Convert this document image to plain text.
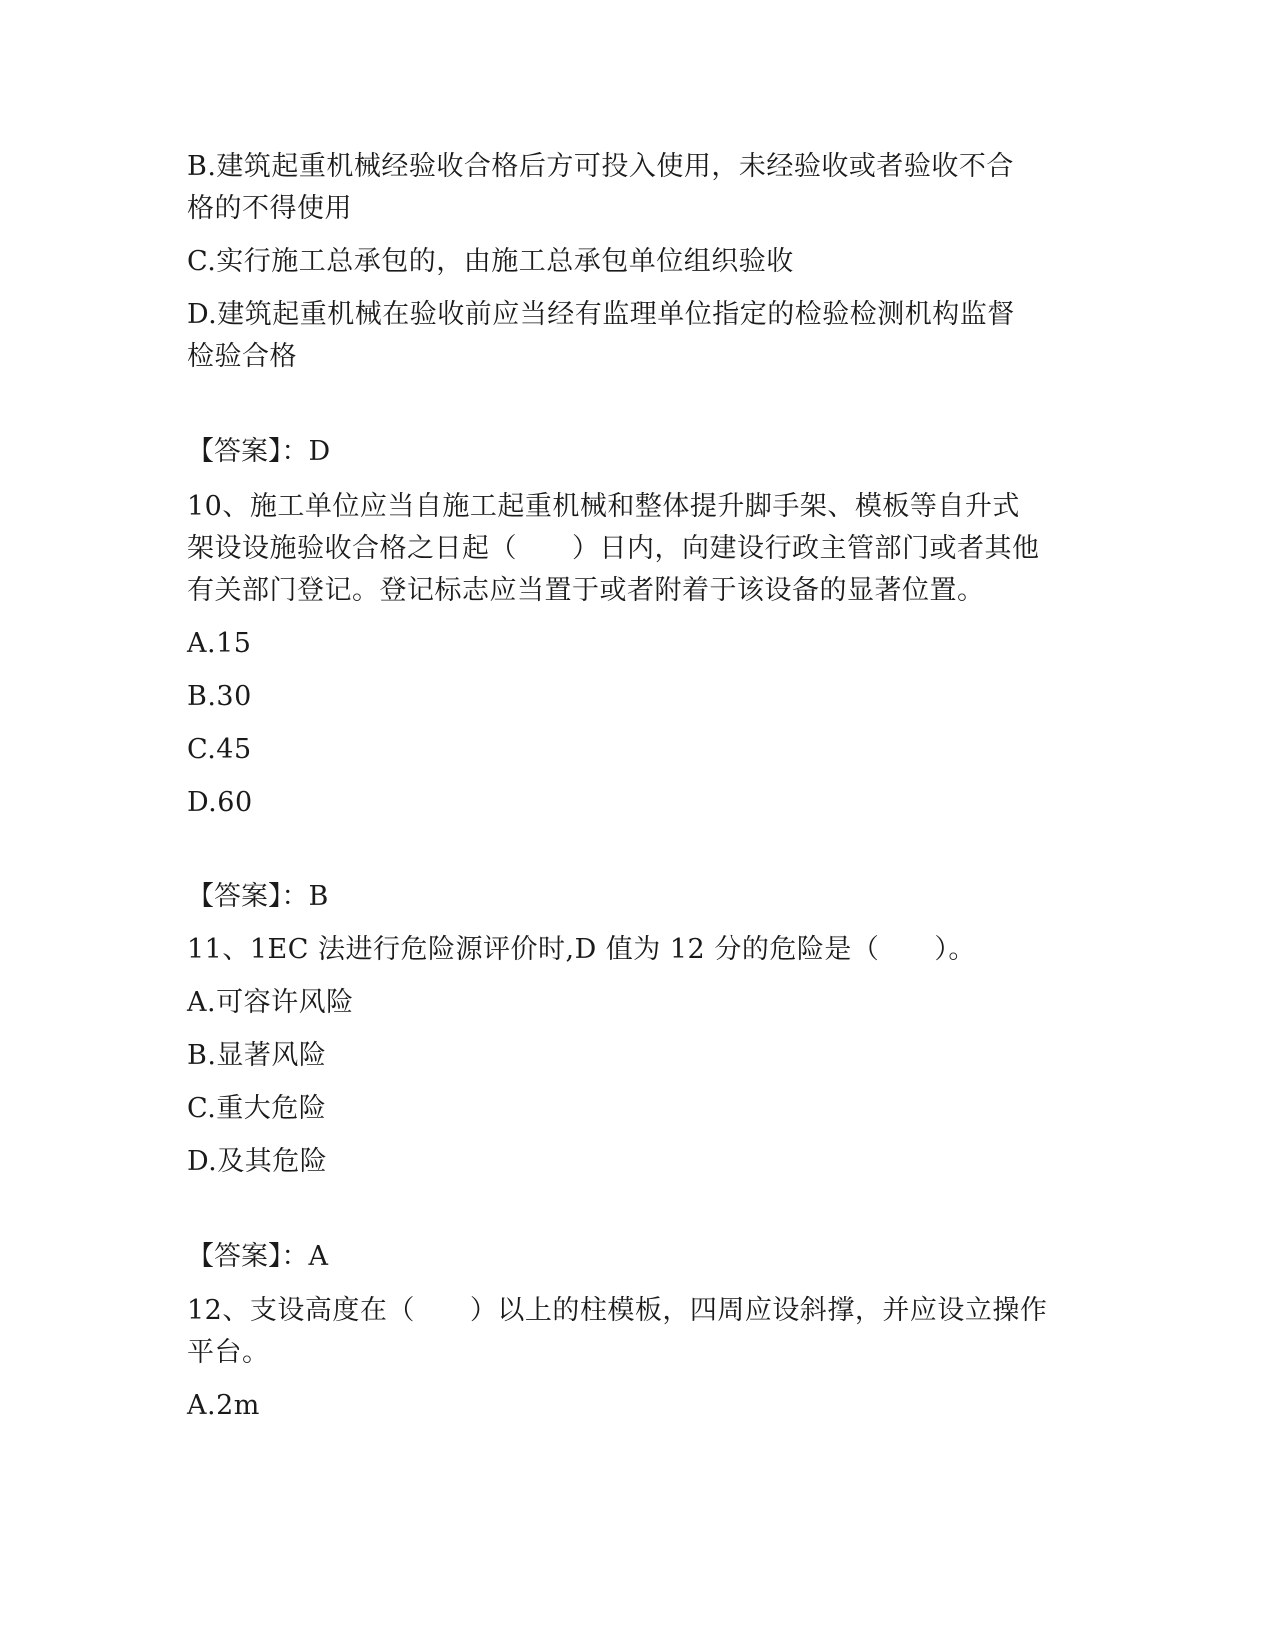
B.建筑起重机械经验收合格后方可投入使用，未经验收或者验收不合
格的不得使用
C.实行施工总承包的，由施工总承包单位组织验收
D.建筑起重机械在验收前应当经有监理单位指定的检验检测机构监督
检验合格
【答案】：D
10、施工单位应当自施工起重机械和整体提升脚手架、模板等自升式
架设设施验收合格之日起（　　）日内，向建设行政主管部门或者其他
有关部门登记。登记标志应当置于或者附着于该设备的显著位置。
A.15
B.30
C.45
D.60
【答案】：B
11、1EC 法进行危险源评价时,D 值为 12 分的危险是（　　）。
A.可容许风险
B.显著风险
C.重大危险
D.及其危险
【答案】：A
12、支设高度在（　　）以上的柱模板，四周应设斜撑，并应设立操作
平台。
A.2m
